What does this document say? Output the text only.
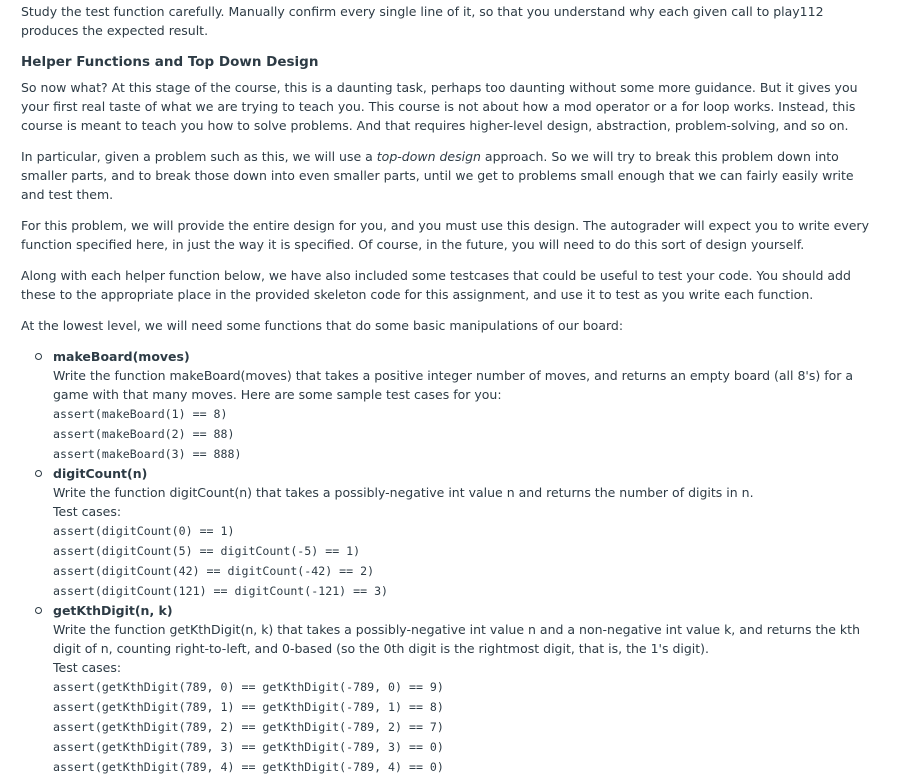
Study the test function carefully. Manually confirm every single line of it, so that you understand why each given call to play112 produces the expected result.

Helper Functions and Top Down Design

So now what? At this stage of the course, this is a daunting task, perhaps too daunting without some more guidance. But it gives you your first real taste of what we are trying to teach you. This course is not about how a mod operator or a for loop works. Instead, this course is meant to teach you how to solve problems. And that requires higher-level design, abstraction, problem-solving, and so on.

In particular, given a problem such as this, we will use a top-down design approach. So we will try to break this problem down into smaller parts, and to break those down into even smaller parts, until we get to problems small enough that we can fairly easily write and test them.

For this problem, we will provide the entire design for you, and you must use this design. The autograder will expect you to write every function specified here, in just the way it is specified. Of course, in the future, you will need to do this sort of design yourself.

Along with each helper function below, we have also included some testcases that could be useful to test your code. You should add these to the appropriate place in the provided skeleton code for this assignment, and use it to test as you write each function.

At the lowest level, we will need some functions that do some basic manipulations of our board:

makeBoard(moves)
Write the function makeBoard(moves) that takes a positive integer number of moves, and returns an empty board (all 8's) for a game with that many moves. Here are some sample test cases for you:
assert(makeBoard(1) == 8)
assert(makeBoard(2) == 88)
assert(makeBoard(3) == 888)
digitCount(n)
Write the function digitCount(n) that takes a possibly-negative int value n and returns the number of digits in n.
Test cases:
assert(digitCount(0) == 1)
assert(digitCount(5) == digitCount(-5) == 1)
assert(digitCount(42) == digitCount(-42) == 2)
assert(digitCount(121) == digitCount(-121) == 3)
getKthDigit(n, k)
Write the function getKthDigit(n, k) that takes a possibly-negative int value n and a non-negative int value k, and returns the kth digit of n, counting right-to-left, and 0-based (so the 0th digit is the rightmost digit, that is, the 1's digit).
Test cases:
assert(getKthDigit(789, 0) == getKthDigit(-789, 0) == 9)
assert(getKthDigit(789, 1) == getKthDigit(-789, 1) == 8)
assert(getKthDigit(789, 2) == getKthDigit(-789, 2) == 7)
assert(getKthDigit(789, 3) == getKthDigit(-789, 3) == 0)
assert(getKthDigit(789, 4) == getKthDigit(-789, 4) == 0)
